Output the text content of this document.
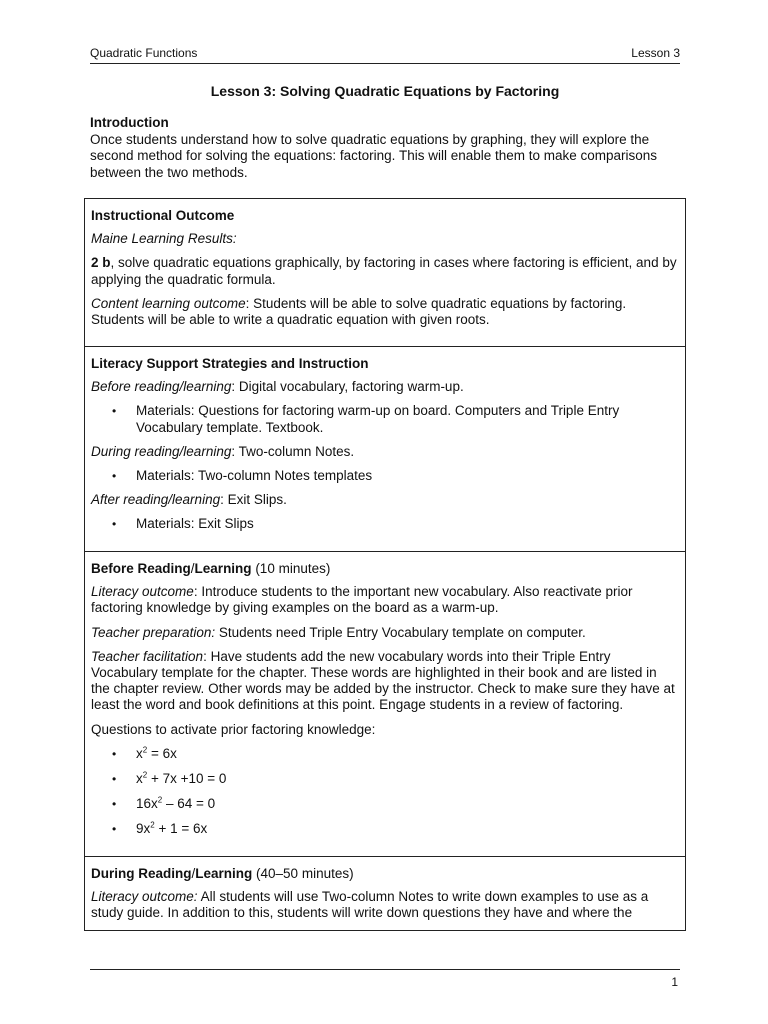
Quadratic Functions	Lesson 3
Lesson 3: Solving Quadratic Equations by Factoring
Introduction

Once students understand how to solve quadratic equations by graphing, they will explore the second method for solving the equations: factoring. This will enable them to make comparisons between the two methods.

Instructional Outcome

Maine Learning Results:

2 b, solve quadratic equations graphically, by factoring in cases where factoring is efficient, and by applying the quadratic formula.

Content learning outcome: Students will be able to solve quadratic equations by factoring. Students will be able to write a quadratic equation with given roots.

Literacy Support Strategies and Instruction

Before reading/learning: Digital vocabulary, factoring warm-up.

• Materials: Questions for factoring warm-up on board. Computers and Triple Entry Vocabulary template. Textbook.

During reading/learning: Two-column Notes.

• Materials: Two-column Notes templates

After reading/learning: Exit Slips.

• Materials: Exit Slips
Before Reading/Learning (10 minutes)

Literacy outcome: Introduce students to the important new vocabulary. Also reactivate prior factoring knowledge by giving examples on the board as a warm-up.

Teacher preparation: Students need Triple Entry Vocabulary template on computer.

Teacher facilitation: Have students add the new vocabulary words into their Triple Entry Vocabulary template for the chapter. These words are highlighted in their book and are listed in the chapter review. Other words may be added by the instructor. Check to make sure they have at least the word and book definitions at this point. Engage students in a review of factoring.

Questions to activate prior factoring knowledge:

• $x^2 = 6x$
• $x^2 + 7x +10 = 0$
• $16x^2 - 64 = 0$
• $9x^2 + 1 = 6x$
During Reading/Learning (40–50 minutes)

Literacy outcome: All students will use Two-column Notes to write down examples to use as a study guide. In addition to this, students will write down questions they have and where the

1
